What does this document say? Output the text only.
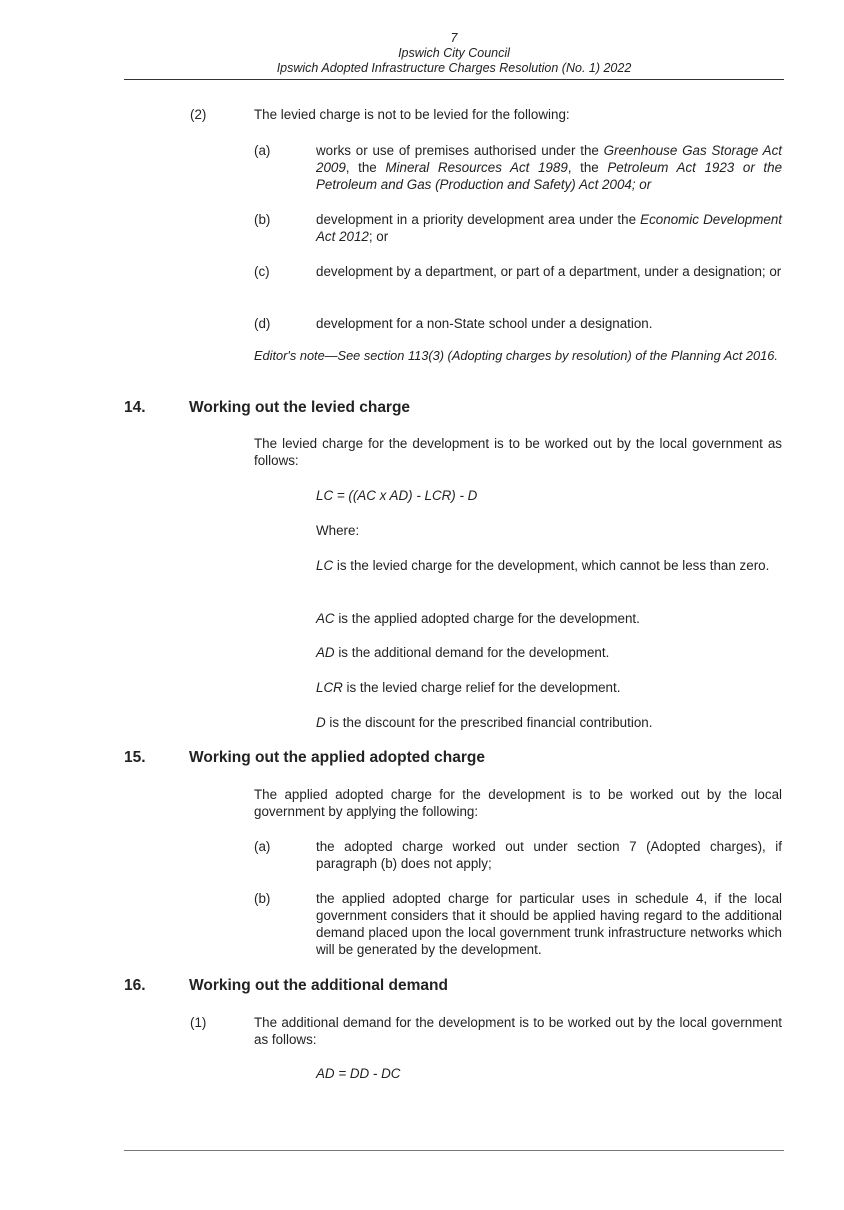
7
Ipswich City Council
Ipswich Adopted Infrastructure Charges Resolution (No. 1) 2022
(2)	The levied charge is not to be levied for the following:
(a)	works or use of premises authorised under the Greenhouse Gas Storage Act 2009, the Mineral Resources Act 1989, the Petroleum Act 1923 or the Petroleum and Gas (Production and Safety) Act 2004; or
(b)	development in a priority development area under the Economic Development Act 2012; or
(c)	development by a department, or part of a department, under a designation; or
(d)	development for a non-State school under a designation.
Editor's note—See section 113(3) (Adopting charges by resolution) of the Planning Act 2016.
14.	Working out the levied charge
The levied charge for the development is to be worked out by the local government as follows:
LC = ((AC x AD) - LCR) - D
Where:
LC is the levied charge for the development, which cannot be less than zero.
AC is the applied adopted charge for the development.
AD is the additional demand for the development.
LCR is the levied charge relief for the development.
D is the discount for the prescribed financial contribution.
15.	Working out the applied adopted charge
The applied adopted charge for the development is to be worked out by the local government by applying the following:
(a)	the adopted charge worked out under section 7 (Adopted charges), if paragraph (b) does not apply;
(b)	the applied adopted charge for particular uses in schedule 4, if the local government considers that it should be applied having regard to the additional demand placed upon the local government trunk infrastructure networks which will be generated by the development.
16.	Working out the additional demand
(1)	The additional demand for the development is to be worked out by the local government as follows:
AD = DD - DC
